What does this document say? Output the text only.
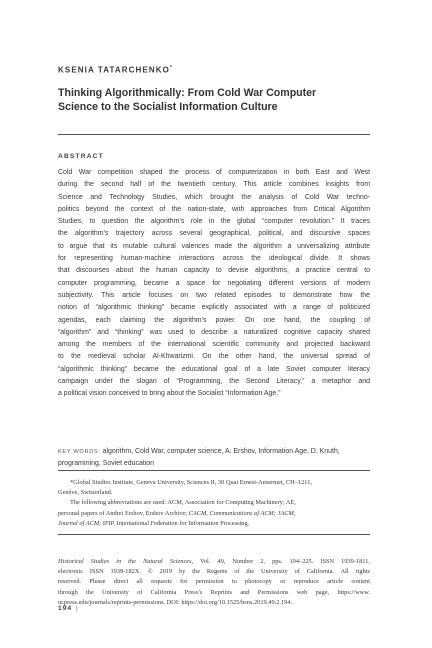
KSENIA TATARCHENKO*
Thinking Algorithmically: From Cold War Computer
Science to the Socialist Information Culture
ABSTRACT
Cold War competition shaped the process of computerization in both East and West
during the second half of the twentieth century. This article combines insights from
Science and Technology Studies, which brought the analysis of Cold War techno-
politics beyond the context of the nation-state, with approaches from Critical Algorithm
Studies, to question the algorithm’s role in the global “computer revolution.” It traces
the algorithm’s trajectory across several geographical, political, and discursive spaces
to argue that its mutable cultural valences made the algorithm a universalizing attribute
for representing human-machine interactions across the ideological divide. It shows
that discourses about the human capacity to devise algorithms, a practice central to
computer programming, became a space for negotiating different versions of modern
subjectivity. This article focuses on two related episodes to demonstrate how the
notion of “algorithmic thinking” became explicitly associated with a range of politicized
agendas, each claiming the algorithm’s power. On one hand, the coupling of
“algorithm” and “thinking” was used to describe a naturalized cognitive capacity shared
among the members of the international scientific community and projected backward
to the medieval scholar Al-Khwarizmi. On the other hand, the universal spread of
“algorithmic thinking” became the educational goal of a late Soviet computer literacy
campaign under the slogan of “Programming, the Second Literacy,” a metaphor and
a political vision conceived to bring about the Socialist “Information Age.”
KEY WORDS: algorithm, Cold War, computer science, A. Ershov, Information Age, D. Knuth,
programming, Soviet education
*Global Studies Institute, Geneva University, Sciences II, 30 Quai Ernest-Ansermet, CH–1211,
Genève, Switzerland.
The following abbreviations are used: ACM, Association for Computing Machinery; AE,
personal papers of Andrei Ershov, Ershov Archive; CACM, Communications of ACM; JACM,
Journal of ACM; IFIP, International Federation for Information Processing.
Historical Studies in the Natural Sciences, Vol. 49, Number 2, pps. 194–225. ISSN 1939-1811,
electronic ISSN 1939-182X. © 2019 by the Regents of the University of California. All rights
reserved. Please direct all requests for permission to photocopy or reproduce article content
through the University of California Press’s Reprints and Permissions web page, https://www.
ucpress.edu/journals/reprints-permissions. DOI: https://doi.org/10.1525/hsns.2019.49.2.194.
194 |
